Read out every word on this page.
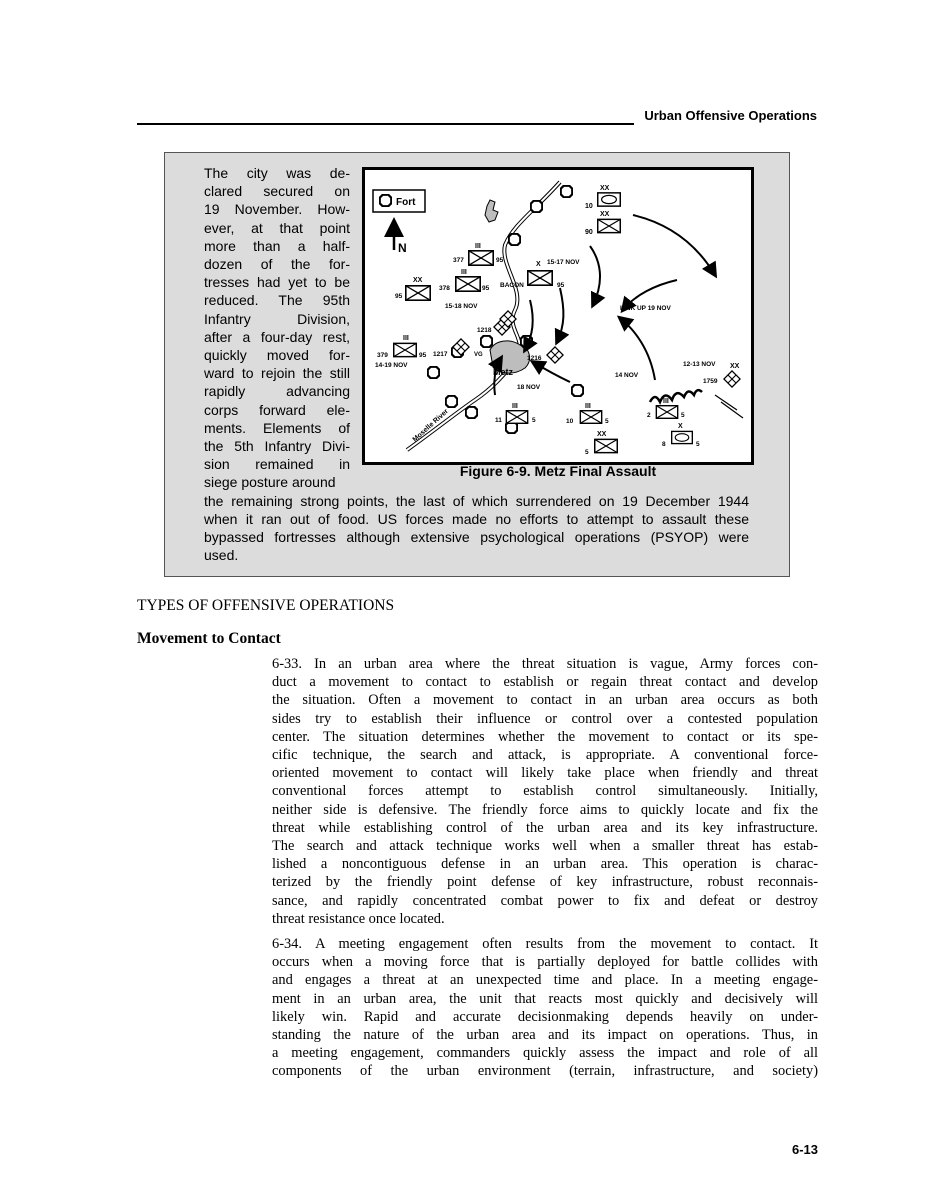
Urban Offensive Operations
The city was de-
clared secured on
19 November. How-
ever, at that point
more than a half-
dozen of the for-
tresses had yet to be
reduced. The 95th
Infantry Division,
after a four-day rest,
quickly moved for-
ward to rejoin the still
rapidly advancing
corps forward ele-
ments. Elements of
the 5th Infantry Divi-
sion remained in
siege posture around
the remaining strong points, the last of which surrendered on 19 December 1944
when it ran out of food. US forces made no efforts to attempt to assault these
bypassed fortresses although extensive psychological operations (PSYOP) were
used.
Fort
N
Moselle River
Metz
XX
10
XX
90
III
377	95
XX
95
III
378	95
15-18 NOV
X 15-17 NOV
BACON	95
1218
1217	VG	1216
III
379	95
14-19 NOV
18 NOV
III
11	5
III
10	5
XX
5
III
2	5
X
8	5
XX
1759
12-13 NOV
14 NOV
LINK UP 19 NOV
Figure 6-9. Metz Final Assault
TYPES OF OFFENSIVE OPERATIONS
Movement to Contact
6-33. In an urban area where the threat situation is vague, Army forces con-
duct a movement to contact to establish or regain threat contact and develop
the situation. Often a movement to contact in an urban area occurs as both
sides try to establish their influence or control over a contested population
center. The situation determines whether the movement to contact or its spe-
cific technique, the search and attack, is appropriate. A conventional force-
oriented movement to contact will likely take place when friendly and threat
conventional forces attempt to establish control simultaneously. Initially,
neither side is defensive. The friendly force aims to quickly locate and fix the
threat while establishing control of the urban area and its key infrastructure.
The search and attack technique works well when a smaller threat has estab-
lished a noncontiguous defense in an urban area. This operation is charac-
terized by the friendly point defense of key infrastructure, robust reconnais-
sance, and rapidly concentrated combat power to fix and defeat or destroy
threat resistance once located.
6-34. A meeting engagement often results from the movement to contact. It
occurs when a moving force that is partially deployed for battle collides with
and engages a threat at an unexpected time and place. In a meeting engage-
ment in an urban area, the unit that reacts most quickly and decisively will
likely win. Rapid and accurate decisionmaking depends heavily on under-
standing the nature of the urban area and its impact on operations. Thus, in
a meeting engagement, commanders quickly assess the impact and role of all
components of the urban environment (terrain, infrastructure, and society)
6-13
